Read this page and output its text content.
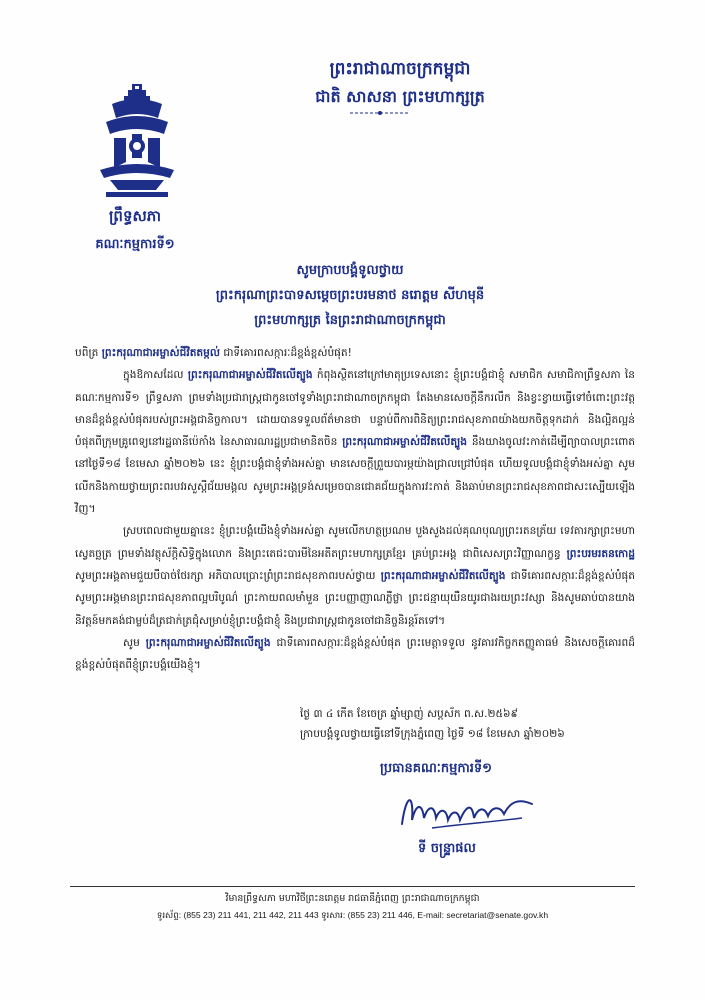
ព្រះរាជាណាចក្រកម្ពុជា
ជាតិ សាសនា ព្រះមហាក្សត្រ
ព្រឹទ្ធសភា
គណៈកម្មការទី១
សូមក្រាបបង្គំទូលថ្វាយ
ព្រះករុណាព្រះបាទសម្ដេចព្រះបរមនាថ នរោត្តម សីហមុនី
ព្រះមហាក្សត្រ នៃព្រះរាជាណាចក្រកម្ពុជា

បពិត្រ ព្រះករុណាជាអម្ចាស់ជីវិតតម្កល់ ជាទីគោរពសក្ការៈដ៏ខ្ពង់ខ្ពស់បំផុត!

ក្នុងឱកាសដែល ព្រះករុណាជាអម្ចាស់ជីវិតលើត្បូង កំពុងស្ថិតនៅក្រៅមាតុប្រទេសនោះ ខ្ញុំព្រះបង្គំជាខ្ញុំ សមាជិក សមាជិកាព្រឹទ្ធសភា នៃគណៈកម្មការទី១ ព្រឹទ្ធសភា ព្រមទាំងប្រជារាស្ត្រជាកូនចៅទូទាំងព្រះរាជាណាចក្រកម្ពុជា តែងមានសេចក្ដីនឹករលឹក និងខ្វះខ្វាយធ្វើទៅចំពោះព្រះវត្តមានដ៏ខ្ពង់ខ្ពស់បំផុតរបស់ព្រះអង្គជានិច្ចកាល។ ដោយបានទទួលព័ត៌មានថា បន្ទាប់ពីការពិនិត្យព្រះរាជសុខភាពយ៉ាងយកចិត្តទុកដាក់ និងល្អិតល្អន់បំផុតពីក្រុមគ្រូពេទ្យនៅរដ្ឋធានីប៉េកាំង នៃសាធារណរដ្ឋប្រជាមានិតចិន ព្រះករុណាជាអម្ចាស់ជីវិតលើត្បូង នឹងយាងចូលវះកាត់ដើម្បីព្យាបាលព្រះពោត នៅថ្ងៃទី១៨ ខែមេសា ឆ្នាំ២០២៦ នេះ ខ្ញុំព្រះបង្គំជាខ្ញុំទាំងអស់គ្នា មានសេចក្ដីព្រួយបារម្ភយ៉ាងជ្រាលជ្រៅបំផុត ហើយទូលបង្គំជាខ្ញុំទាំងអស់គ្នា សូមលើកនិងកាយថ្វាយព្រះពរបវរសួស្ដីជ័យមង្គល សូមព្រះអង្គទ្រង់សម្រេចបានជោគជ័យក្នុងការវះកាត់ និងឆាប់មានព្រះរាជសុខភាពជាសះស្បើយឡើងវិញ។

ស្របពេលជាមួយគ្នានេះ ខ្ញុំព្រះបង្គំយើងខ្ញុំទាំងអស់គ្នា សូមលើកហត្ថប្រណម បួងសួងដល់គុណបុណ្យព្រះរតនត្រ័យ ទេវតារក្សាព្រះមហាស្វេតច្ឆត្រ ព្រមទាំងវត្ថុស័ក្ដិសិទ្ធិក្នុងលោក និងព្រះតេជះបារមីនៃអតីតព្រះមហាក្សត្រខ្មែរ គ្រប់ព្រះអង្គ ជាពិសេសព្រះវិញ្ញាណក្ខន្ធ ព្រះបរមរតនកោដ្ឋ សូមព្រះអង្គតាមជួយបីបាច់ថែរក្សា អភិបាលប្រោះព្រំព្រះរាជសុខភាពរបស់ថ្វាយ ព្រះករុណាជាអម្ចាស់ជីវិតលើត្បូង ជាទីគោរពសក្ការៈដ៏ខ្ពង់ខ្ពស់បំផុត សូមព្រះអង្គមានព្រះរាជសុខភាពល្អបរិបូណ៌ ព្រះកាយពលមាំមួន ព្រះបញ្ញាញាណភ្លឺថ្លា ព្រះជន្មាយុយឺនយូរជាងរយព្រះវស្សា និងសូមឆាប់បានយាងនិវត្តន៍មកគង់ជាម្លប់ដ៏ត្រជាក់ត្រជុំសម្រាប់ខ្ញុំព្រះបង្គំជាខ្ញុំ និងប្រជារាស្ត្រជាកូនចៅជានិច្ចនិរន្តរ៍តទៅ។

សូម ព្រះករុណាជាអម្ចាស់ជីវិតលើត្បូង ជាទីគោរពសក្ការៈដ៏ខ្ពង់ខ្ពស់បំផុត ព្រះមេត្តាទទួល នូវគារវកិច្ចកតញ្ញូតាធម៌ និងសេចក្ដីគោរពដ៏ខ្ពង់ខ្ពស់បំផុតពីខ្ញុំព្រះបង្គំយើងខ្ញុំ។

ថ្ងៃ ៣ ៤ កើត ខែចេត្រ ឆ្នាំម្សាញ់ សប្តស័ក ព.ស.២៥៦៩
ក្រាបបង្គំទូលថ្វាយធ្វើនៅទីក្រុងភ្នំពេញ ថ្ងៃទី ១៨ ខែមេសា ឆ្នាំ២០២៦
ប្រធានគណៈកម្មការទី១
ទី ចន្ទ្រាផល
វិមានព្រឹទ្ធសភា មហាវិថីព្រះនរោត្តម រាជធានីភ្នំពេញ ព្រះរាជាណាចក្រកម្ពុជា
ទូរស័ព្ទ: (855 23) 211 441, 211 442, 211 443 ទូរសារ: (855 23) 211 446, E-mail: secretariat@senate.gov.kh
